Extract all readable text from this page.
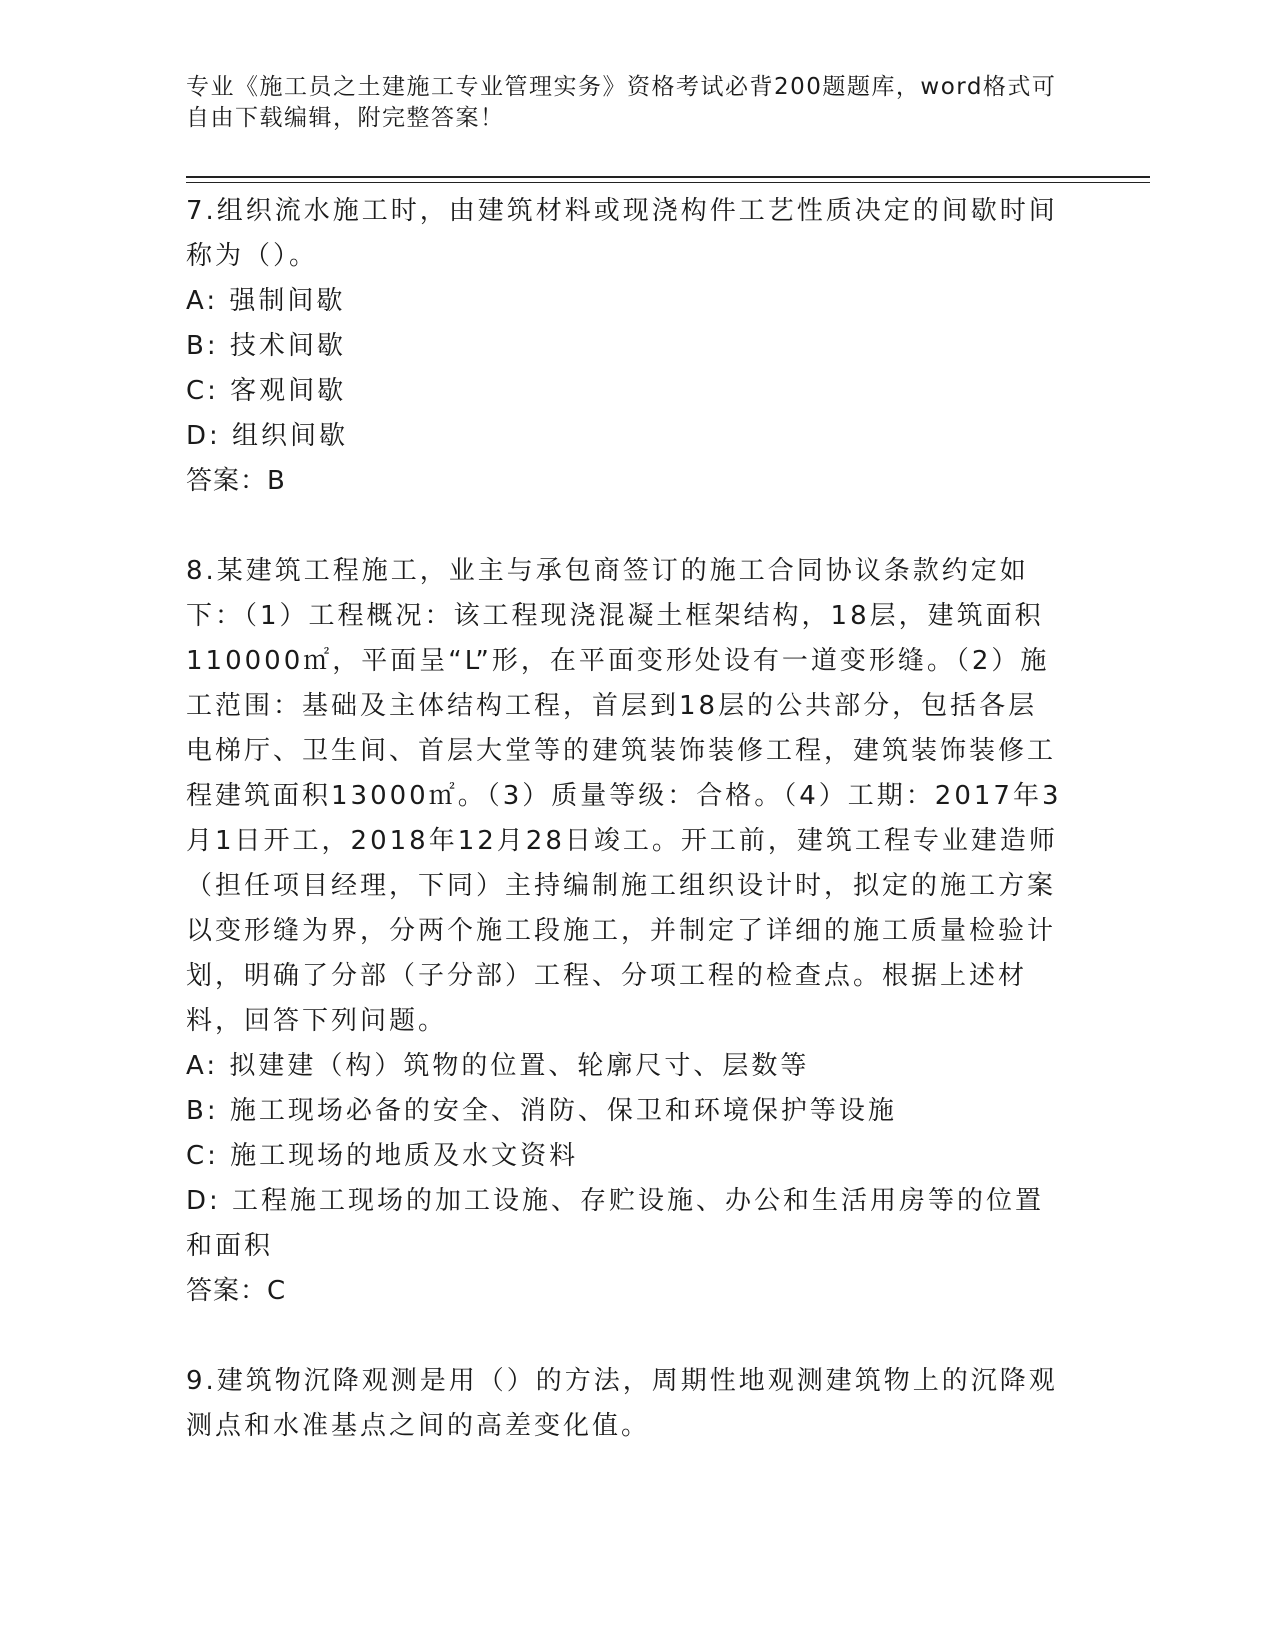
专业《施工员之土建施工专业管理实务》资格考试必背200题题库，word格式可自由下载编辑，附完整答案！

7.组织流水施工时，由建筑材料或现浇构件工艺性质决定的间歇时间称为（）。

A: 强制间歇

B: 技术间歇

C: 客观间歇

D: 组织间歇

答案：B

8.某建筑工程施工，业主与承包商签订的施工合同协议条款约定如下：（1）工程概况：该工程现浇混凝土框架结构，18层，建筑面积110000㎡，平面呈“L”形，在平面变形处设有一道变形缝。（2）施工范围：基础及主体结构工程，首层到18层的公共部分，包括各层电梯厅、卫生间、首层大堂等的建筑装饰装修工程，建筑装饰装修工程建筑面积13000㎡。（3）质量等级：合格。（4）工期：2017年3月1日开工，2018年12月28日竣工。开工前，建筑工程专业建造师（担任项目经理，下同）主持编制施工组织设计时，拟定的施工方案以变形缝为界，分两个施工段施工，并制定了详细的施工质量检验计划，明确了分部（子分部）工程、分项工程的检查点。根据上述材料，回答下列问题。

A: 拟建建（构）筑物的位置、轮廓尺寸、层数等

B: 施工现场必备的安全、消防、保卫和环境保护等设施

C: 施工现场的地质及水文资料

D: 工程施工现场的加工设施、存贮设施、办公和生活用房等的位置和面积

答案：C

9.建筑物沉降观测是用（）的方法，周期性地观测建筑物上的沉降观测点和水准基点之间的高差变化值。
